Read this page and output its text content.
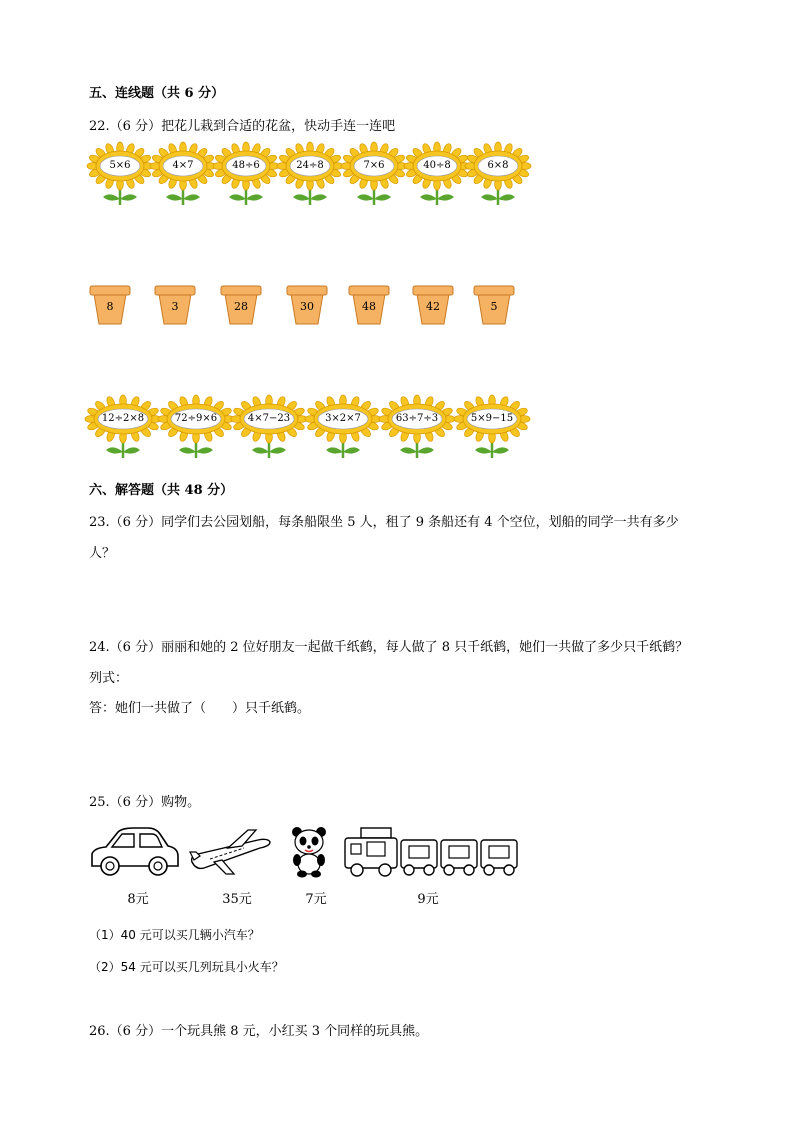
五、连线题（共 6 分）
22.（6 分）把花儿栽到合适的花盆，快动手连一连吧
5×6	4×7	48÷6	24÷8	7×6	40÷8	6×8
8	3	28	30	48	42	5
12÷2×8	72÷9×6	4×7−23	3×2×7	63÷7÷3	5×9−15
六、解答题（共 48 分）
23.（6 分）同学们去公园划船，每条船限坐 5 人，租了 9 条船还有 4 个空位，划船的同学一共有多少
人？
24.（6 分）丽丽和她的 2 位好朋友一起做千纸鹤，每人做了 8 只千纸鹤，她们一共做了多少只千纸鹤？
列式：
答：她们一共做了（　　）只千纸鹤。
25.（6 分）购物。
8元	35元	7元	9元
（1）40 元可以买几辆小汽车？
（2）54 元可以买几列玩具小火车？
26.（6 分）一个玩具熊 8 元，小红买 3 个同样的玩具熊。
